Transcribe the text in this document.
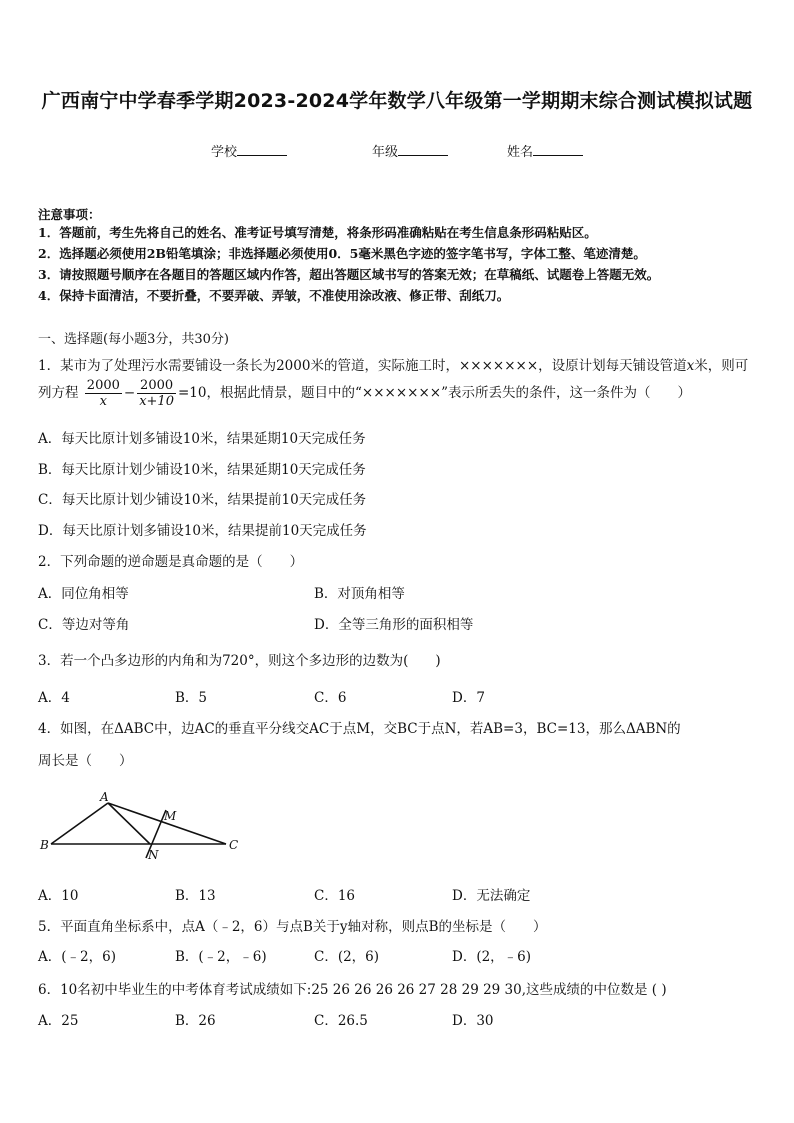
广西南宁中学春季学期2023-2024学年数学八年级第一学期期末综合测试模拟试题
学校	年级	姓名
注意事项：
1．答题前，考生先将自己的姓名、准考证号填写清楚，将条形码准确粘贴在考生信息条形码粘贴区。
2．选择题必须使用2B铅笔填涂；非选择题必须使用0．5毫米黑色字迹的签字笔书写，字体工整、笔迹清楚。
3．请按照题号顺序在各题目的答题区域内作答，超出答题区域书写的答案无效；在草稿纸、试题卷上答题无效。
4．保持卡面清洁，不要折叠，不要弄破、弄皱，不准使用涂改液、修正带、刮纸刀。
一、选择题(每小题3分，共30分)
1．某市为了处理污水需要铺设一条长为2000米的管道，实际施工时，×××××××，设原计划每天铺设管道x米，则可
列方程 $\frac{2000}{x} - \frac{2000}{x+10} =10$，根据此情景，题目中的“×××××××”表示所丢失的条件，这一条件为（　　）
A．每天比原计划多铺设10米，结果延期10天完成任务
B．每天比原计划少铺设10米，结果延期10天完成任务
C．每天比原计划少铺设10米，结果提前10天完成任务
D．每天比原计划多铺设10米，结果提前10天完成任务
2．下列命题的逆命题是真命题的是（　　）
A．同位角相等	B．对顶角相等
C．等边对等角	D．全等三角形的面积相等
3．若一个凸多边形的内角和为720°，则这个多边形的边数为(　　)
A．4	B．5	C．6	D．7
4．如图，在ΔABC中，边AC的垂直平分线交AC于点M，交BC于点N，若AB=3，BC=13，那么ΔABN的
周长是（　　）
A
B	C
M
N
A．10	B．13	C．16	D．无法确定
5．平面直角坐标系中，点A（﹣2，6）与点B关于y轴对称，则点B的坐标是（　　）
A．(﹣2，6)	B．(﹣2，﹣6)	C．(2，6)	D．(2，﹣6)
6．10名初中毕业生的中考体育考试成绩如下:25 26 26 26 26 27 28 29 29 30,这些成绩的中位数是 ( )
A．25	B．26	C．26.5	D．30
